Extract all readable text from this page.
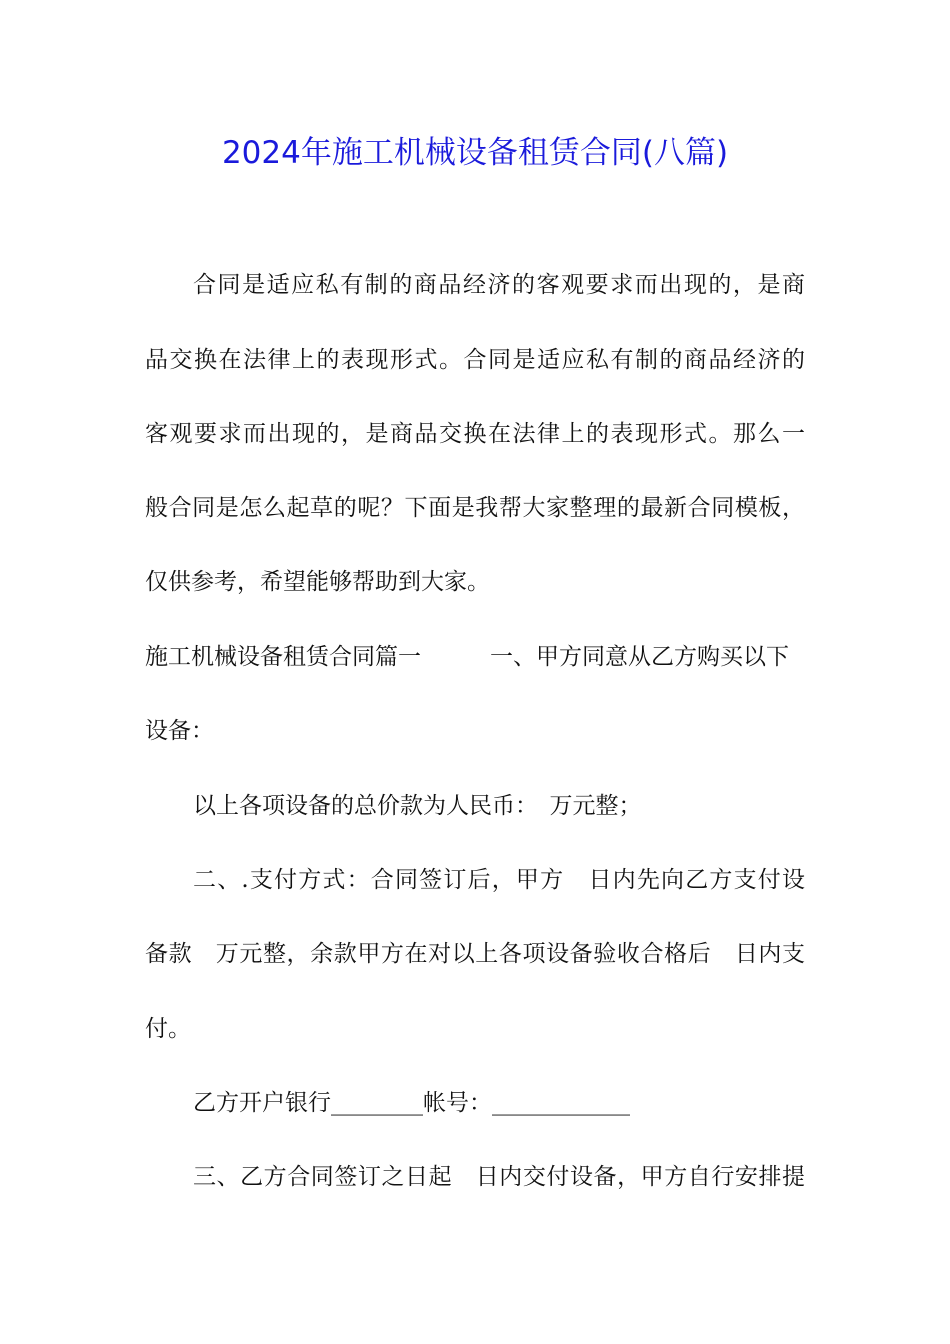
2024年施工机械设备租赁合同(八篇)
合同是适应私有制的商品经济的客观要求而出现的，是商
品交换在法律上的表现形式。合同是适应私有制的商品经济的
客观要求而出现的，是商品交换在法律上的表现形式。那么一
般合同是怎么起草的呢？下面是我帮大家整理的最新合同模板，
仅供参考，希望能够帮助到大家。
施工机械设备租赁合同篇一　　　一、甲方同意从乙方购买以下
设备：
以上各项设备的总价款为人民币：　万元整；
二、.支付方式：合同签订后，甲方　日内先向乙方支付设
备款　万元整，余款甲方在对以上各项设备验收合格后　日内支
付。
乙方开户银行________帐号：____________
三、乙方合同签订之日起　日内交付设备，甲方自行安排提
